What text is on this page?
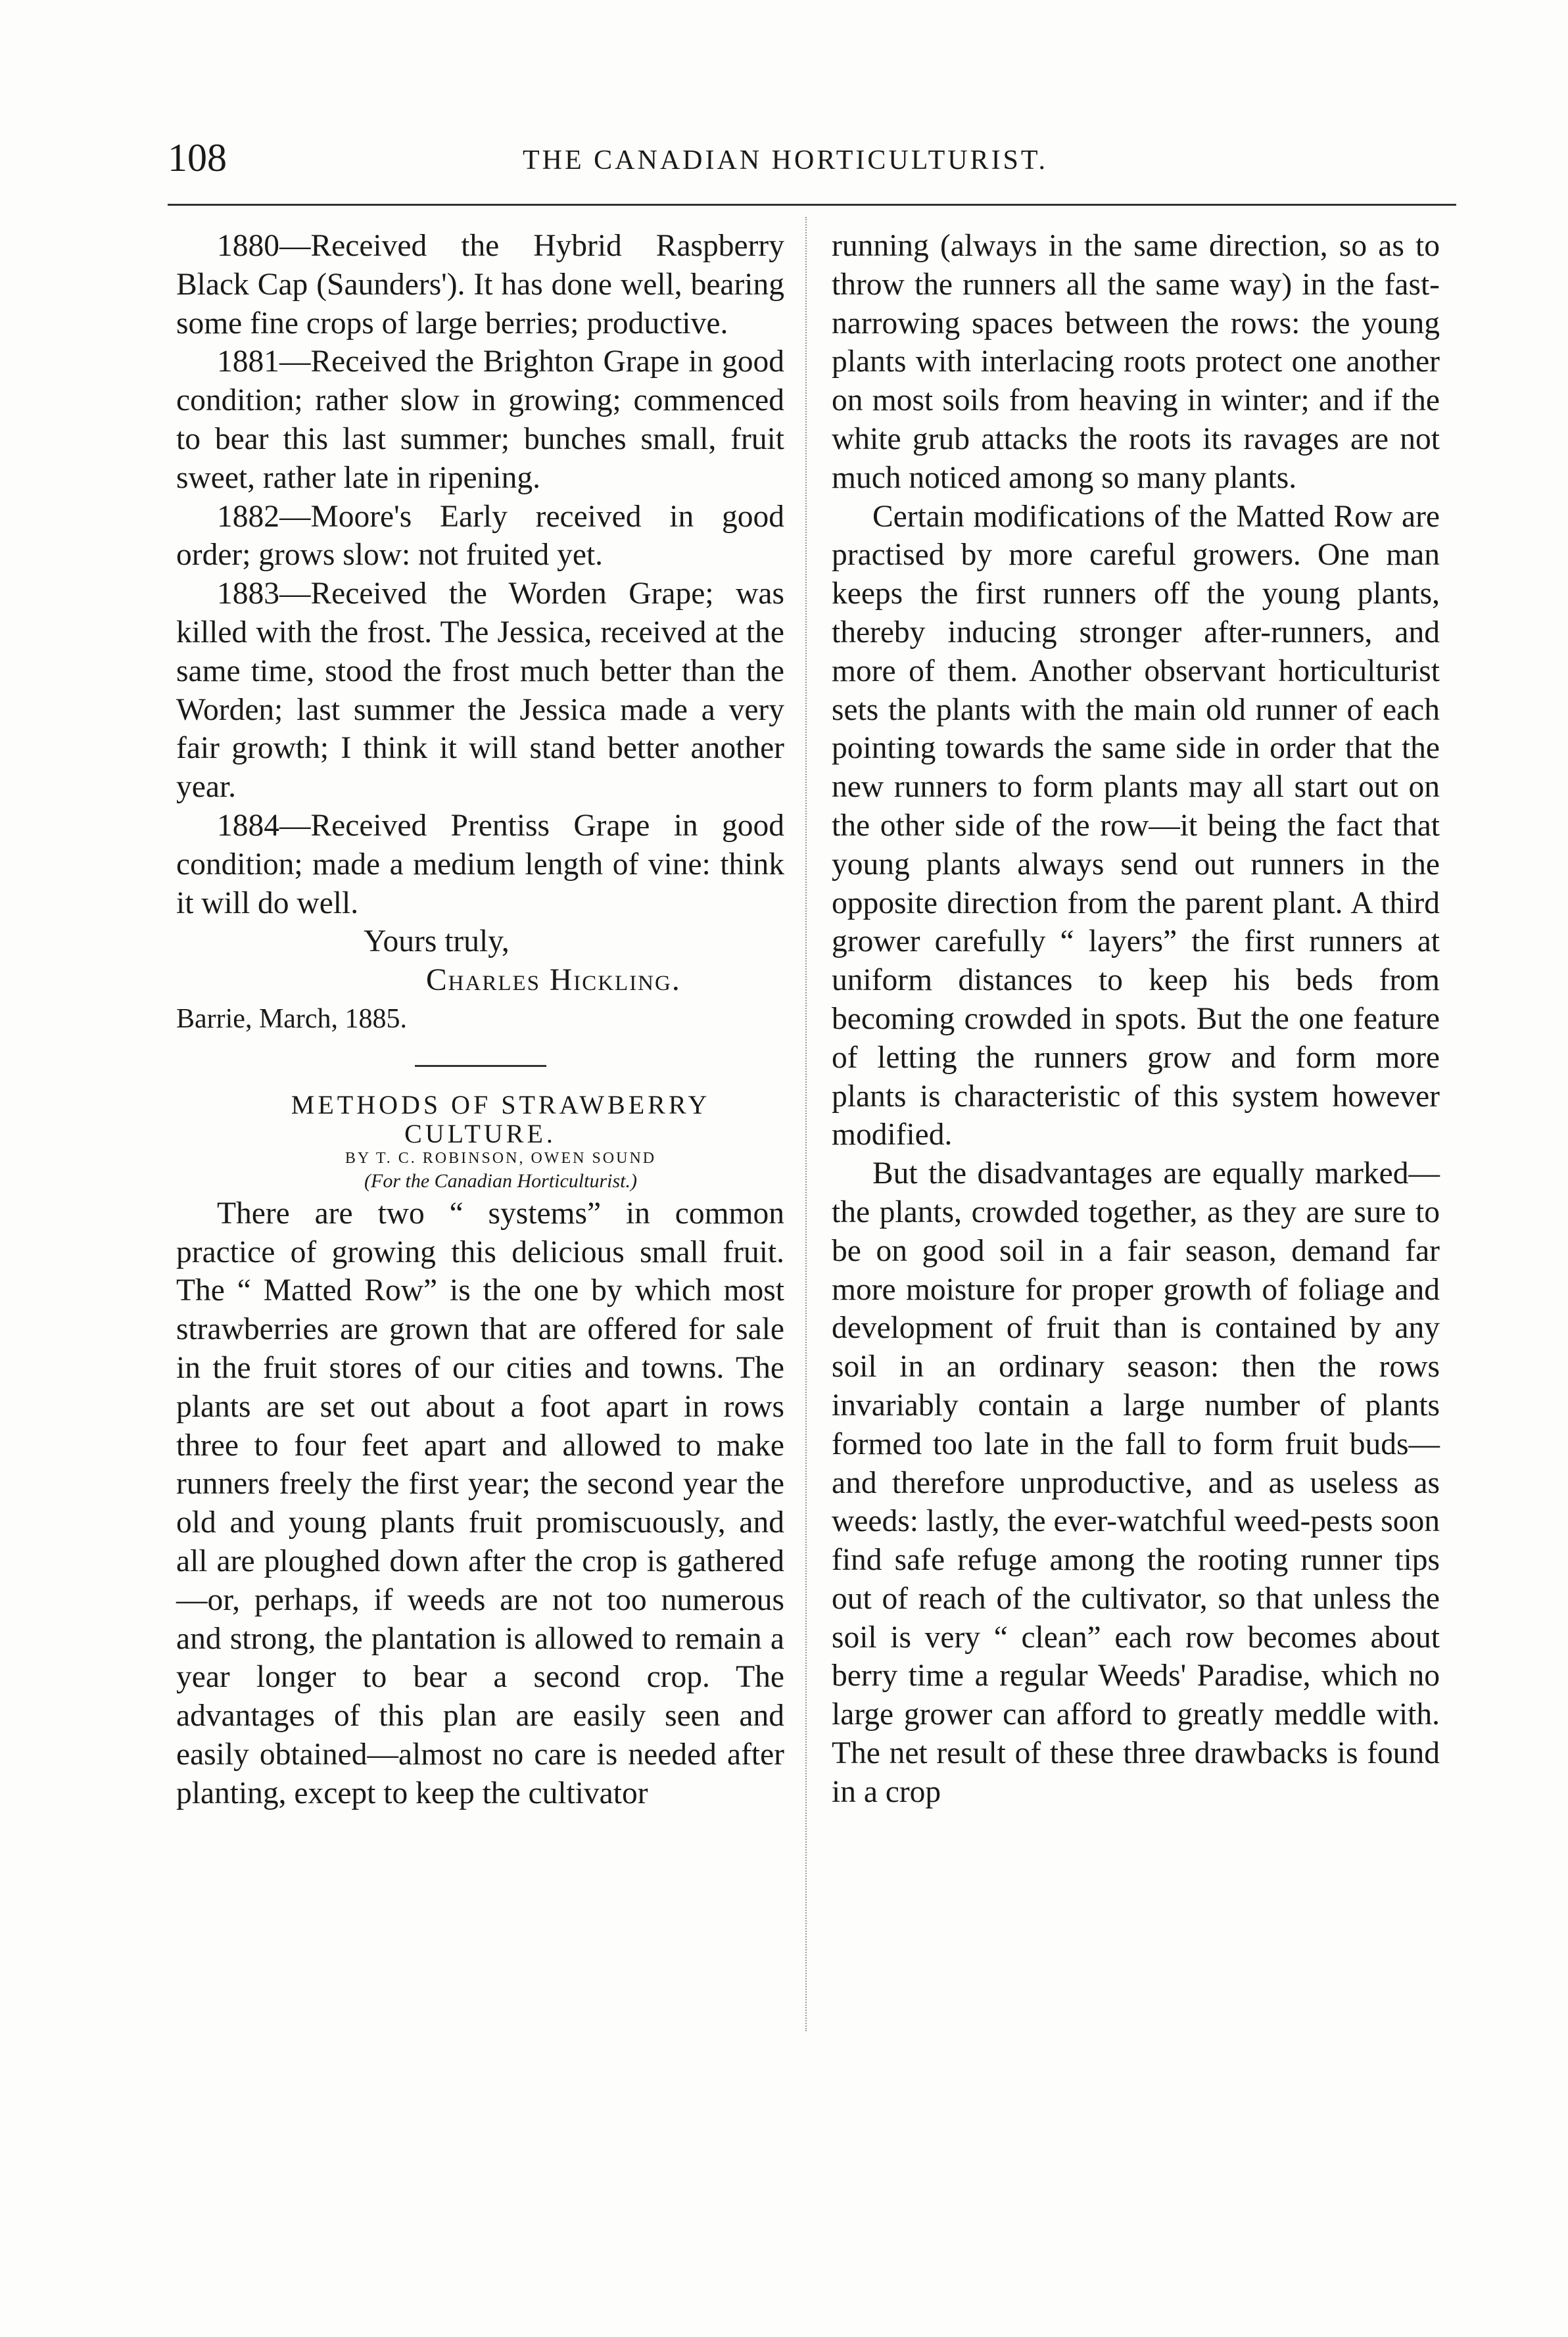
108	THE CANADIAN HORTICULTURIST.

1880—Received the Hybrid Raspberry Black Cap (Saunders'). It has done well, bearing some fine crops of large berries; productive.

1881—Received the Brighton Grape in good condition; rather slow in growing; commenced to bear this last summer; bunches small, fruit sweet, rather late in ripening.

1882—Moore's Early received in good order; grows slow: not fruited yet.

1883—Received the Worden Grape; was killed with the frost. The Jessica, received at the same time, stood the frost much better than the Worden; last summer the Jessica made a very fair growth; I think it will stand better another year.

1884—Received Prentiss Grape in good condition; made a medium length of vine: think it will do well.

Yours truly,

Charles Hickling.

Barrie, March, 1885.

METHODS OF STRAWBERRY CULTURE.

BY T. C. ROBINSON, OWEN SOUND

(For the Canadian Horticulturist.)

There are two “ systems” in common practice of growing this delicious small fruit. The “ Matted Row” is the one by which most strawberries are grown that are offered for sale in the fruit stores of our cities and towns. The plants are set out about a foot apart in rows three to four feet apart and allowed to make runners freely the first year; the second year the old and young plants fruit promiscuously, and all are ploughed down after the crop is gathered—or, perhaps, if weeds are not too numerous and strong, the plantation is allowed to remain a year longer to bear a second crop. The advantages of this plan are easily seen and easily obtained—almost no care is needed after planting, except to keep the cultivator

running (always in the same direction, so as to throw the runners all the same way) in the fast-narrowing spaces between the rows: the young plants with interlacing roots protect one another on most soils from heaving in winter; and if the white grub attacks the roots its ravages are not much noticed among so many plants.

Certain modifications of the Matted Row are practised by more careful growers. One man keeps the first runners off the young plants, thereby inducing stronger after-runners, and more of them. Another observant horticulturist sets the plants with the main old runner of each pointing towards the same side in order that the new runners to form plants may all start out on the other side of the row—it being the fact that young plants always send out runners in the opposite direction from the parent plant. A third grower carefully “ layers” the first runners at uniform distances to keep his beds from becoming crowded in spots. But the one feature of letting the runners grow and form more plants is characteristic of this system however modified.

But the disadvantages are equally marked—the plants, crowded together, as they are sure to be on good soil in a fair season, demand far more moisture for proper growth of foliage and development of fruit than is contained by any soil in an ordinary season: then the rows invariably contain a large number of plants formed too late in the fall to form fruit buds—and therefore unproductive, and as useless as weeds: lastly, the ever-watchful weed-pests soon find safe refuge among the rooting runner tips out of reach of the cultivator, so that unless the soil is very “ clean” each row becomes about berry time a regular Weeds' Paradise, which no large grower can afford to greatly meddle with. The net result of these three drawbacks is found in a crop
